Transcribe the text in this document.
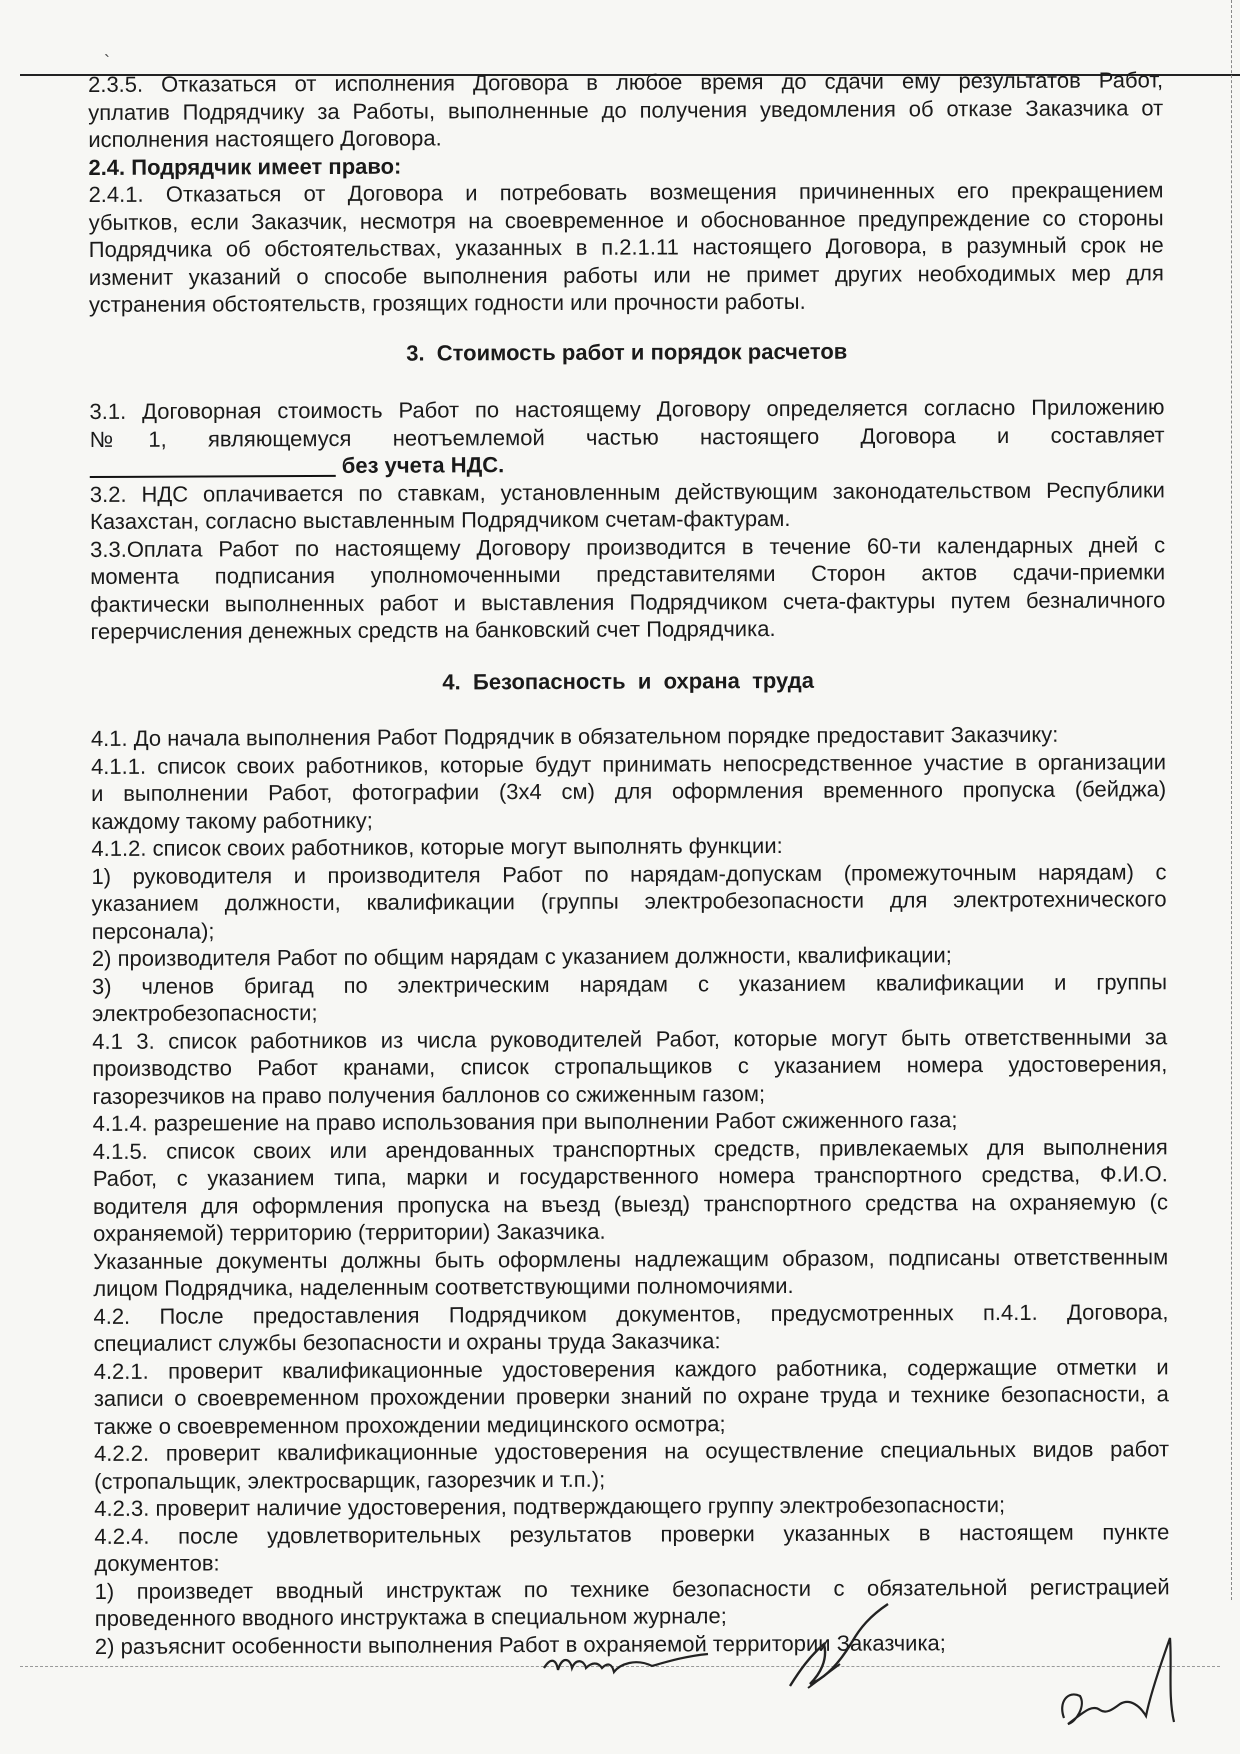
`
2.3.5. Отказаться от исполнения Договора в любое время до сдачи ему результатов Работ,
уплатив Подрядчику за Работы, выполненные до получения уведомления об отказе Заказчика от
исполнения настоящего Договора.
2.4. Подрядчик имеет право:
2.4.1. Отказаться от Договора и потребовать возмещения причиненных его прекращением
убытков, если Заказчик, несмотря на своевременное и обоснованное предупреждение со стороны
Подрядчика об обстоятельствах, указанных в п.2.1.11 настоящего Договора, в разумный срок не
изменит указаний о способе выполнения работы или не примет других необходимых мер для
устранения обстоятельств, грозящих годности или прочности работы.
3.  Стоимость работ и порядок расчетов
3.1. Договорная стоимость Работ по настоящему Договору определяется согласно Приложению
№1, являющемуся неотъемлемой частью настоящего Договора и составляет
без учета НДС.
3.2. НДС оплачивается по ставкам, установленным действующим законодательством Республики
Казахстан, согласно выставленным Подрядчиком счетам-фактурам.
3.3.Оплата Работ по настоящему Договору производится в течение 60-ти календарных дней с
момента подписания уполномоченными представителями Сторон актов сдачи-приемки
фактически выполненных работ и выставления Подрядчиком счета-фактуры путем безналичного
герерчисления денежных средств на банковский счет Подрядчика.
4.  Безопасность  и  охрана  труда
4.1. До начала выполнения Работ Подрядчик в обязательном порядке предоставит Заказчику:
4.1.1. список своих работников, которые будут принимать непосредственное участие в организации
и выполнении Работ, фотографии (3х4 см) для оформления временного пропуска (бейджа)
каждому такому работнику;
4.1.2. список своих работников, которые могут выполнять функции:
1) руководителя и производителя Работ по нарядам-допускам (промежуточным нарядам) с
указанием должности, квалификации (группы электробезопасности для электротехнического
персонала);
2) производителя Работ по общим нарядам с указанием должности, квалификации;
3) членов бригад по электрическим нарядам с указанием квалификации и группы
электробезопасности;
4.1 3. список работников из числа руководителей Работ, которые могут быть ответственными за
производство Работ кранами, список стропальщиков с указанием номера удостоверения,
газорезчиков на право получения баллонов со сжиженным газом;
4.1.4. разрешение на право использования при выполнении Работ сжиженного газа;
4.1.5. список своих или арендованных транспортных средств, привлекаемых для выполнения
Работ, с указанием типа, марки и государственного номера транспортного средства, Ф.И.О.
водителя для оформления пропуска на въезд (выезд) транспортного средства на охраняемую (с
охраняемой) территорию (территории) Заказчика.
Указанные документы должны быть оформлены надлежащим образом, подписаны ответственным
лицом Подрядчика, наделенным соответствующими полномочиями.
4.2. После предоставления Подрядчиком документов, предусмотренных п.4.1. Договора,
специалист службы безопасности и охраны труда Заказчика:
4.2.1. проверит квалификационные удостоверения каждого работника, содержащие отметки и
записи о своевременном прохождении проверки знаний по охране труда и технике безопасности, а
также о своевременном прохождении медицинского осмотра;
4.2.2. проверит квалификационные удостоверения на осуществление специальных видов работ
(стропальщик, электросварщик, газорезчик и т.п.);
4.2.3. проверит наличие удостоверения, подтверждающего группу электробезопасности;
4.2.4. после удовлетворительных результатов проверки указанных в настоящем пункте
документов:
1) произведет вводный инструктаж по технике безопасности с обязательной регистрацией
проведенного вводного инструктажа в специальном журнале;
2) разъяснит особенности выполнения Работ в охраняемой территории Заказчика;
